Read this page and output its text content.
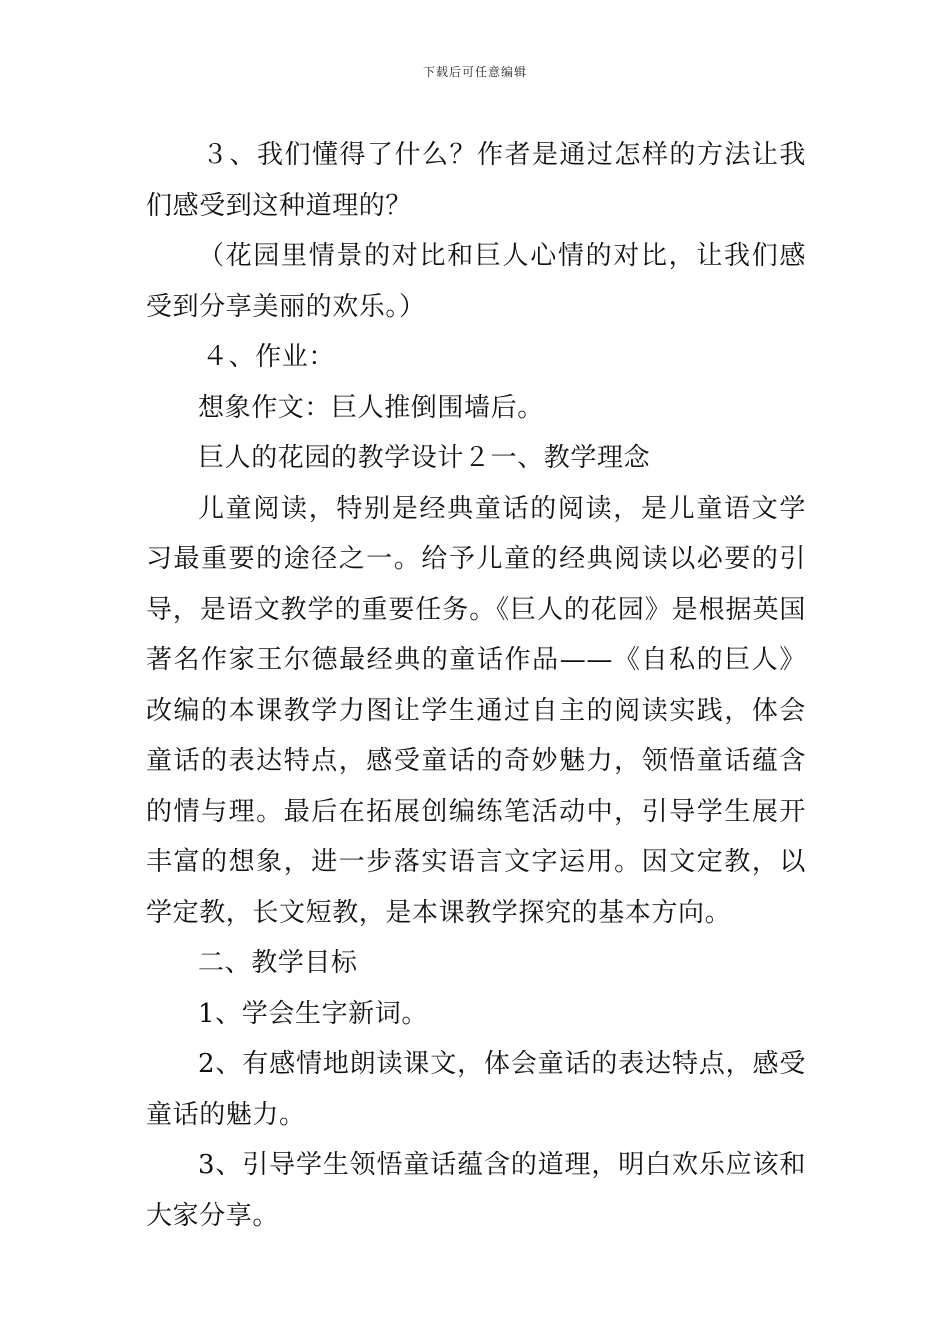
下载后可任意编辑

３、我们懂得了什么？作者是通过怎样的方法让我们感受到这种道理的？

（花园里情景的对比和巨人心情的对比，让我们感受到分享美丽的欢乐。）

４、作业：

想象作文：巨人推倒围墙后。

巨人的花园的教学设计２一、教学理念

儿童阅读，特别是经典童话的阅读，是儿童语文学习最重要的途径之一。给予儿童的经典阅读以必要的引导，是语文教学的重要任务。《巨人的花园》是根据英国著名作家王尔德最经典的童话作品——《自私的巨人》改编的本课教学力图让学生通过自主的阅读实践，体会童话的表达特点，感受童话的奇妙魅力，领悟童话蕴含的情与理。最后在拓展创编练笔活动中，引导学生展开丰富的想象，进一步落实语言文字运用。因文定教，以学定教，长文短教，是本课教学探究的基本方向。

二、教学目标

1、学会生字新词。

2、有感情地朗读课文，体会童话的表达特点，感受童话的魅力。

3、引导学生领悟童话蕴含的道理，明白欢乐应该和大家分享。
